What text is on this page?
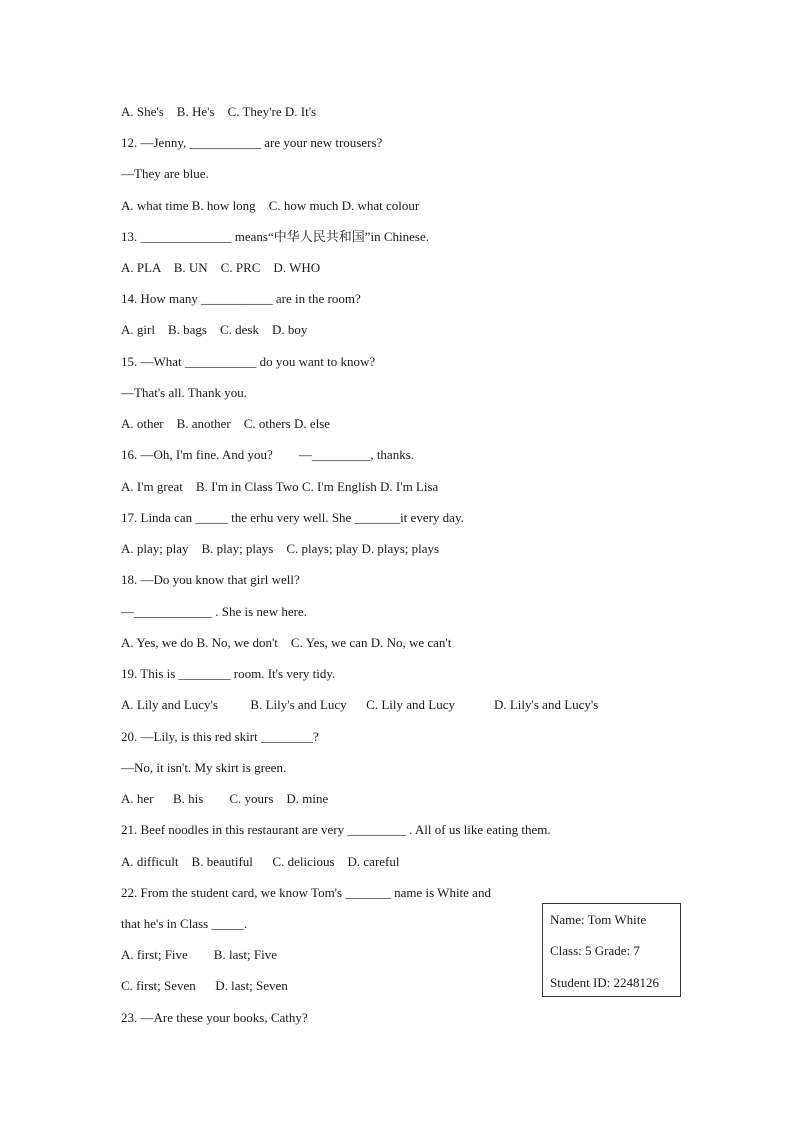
A. She's    B. He's    C. They're D. It's
12. —Jenny, ___________ are your new trousers?
—They are blue.
A. what time B. how long    C. how much D. what colour
13. ______________ means“中华人民共和国”in Chinese.
A. PLA    B. UN    C. PRC    D. WHO
14. How many ___________ are in the room?
A. girl    B. bags    C. desk    D. boy
15. —What ___________ do you want to know?
—That's all. Thank you.
A. other    B. another    C. others D. else
16. —Oh, I'm fine. And you?        —_________, thanks.
A. I'm great    B. I'm in Class Two C. I'm English D. I'm Lisa
17. Linda can _____ the erhu very well. She _______it every day.
A. play; play    B. play; plays    C. plays; play D. plays; plays
18. —Do you know that girl well?
—____________ . She is new here.
A. Yes, we do B. No, we don't    C. Yes, we can D. No, we can't
19. This is ________ room. It's very tidy.
A. Lily and Lucy's          B. Lily's and Lucy      C. Lily and Lucy            D. Lily's and Lucy's
20. —Lily, is this red skirt ________?
—No, it isn't. My skirt is green.
A. her      B. his        C. yours    D. mine
21. Beef noodles in this restaurant are very _________ . All of us like eating them.
A. difficult    B. beautiful      C. delicious    D. careful
22. From the student card, we know Tom's _______ name is White and
that he's in Class _____.
A. first; Five        B. last; Five
C. first; Seven      D. last; Seven
23. —Are these your books, Cathy?
Name: Tom White
Class: 5 Grade: 7
Student ID: 2248126
